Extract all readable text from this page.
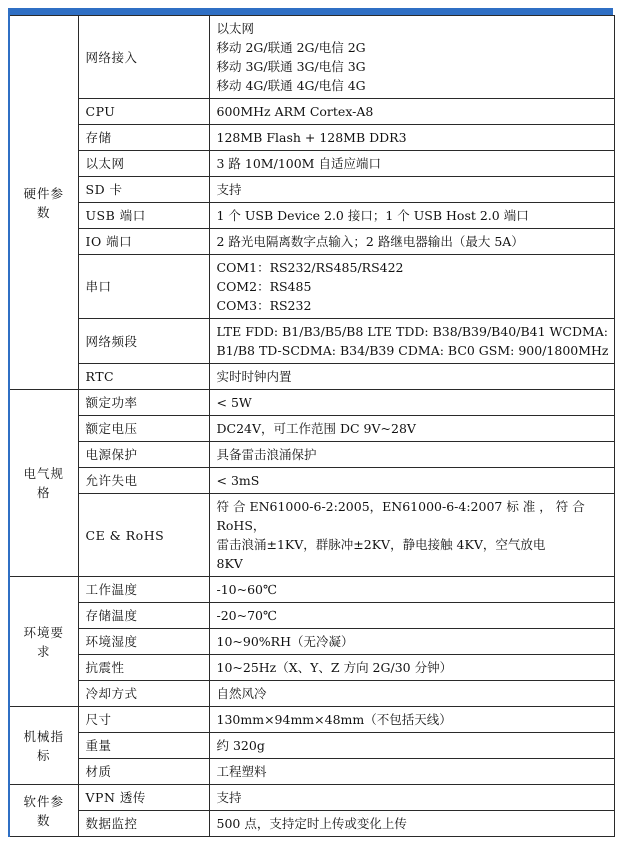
硬件参数	网络接入	以太网
移动 2G/联通 2G/电信 2G
移动 3G/联通 3G/电信 3G
移动 4G/联通 4G/电信 4G

	CPU	600MHz ARM Cortex-A8

	存储	128MB Flash + 128MB DDR3

	以太网	3 路 10M/100M 自适应端口

	SD 卡	支持

	USB 端口	1 个 USB Device 2.0 接口；1 个 USB Host 2.0 端口

	IO 端口	2 路光电隔离数字点输入；2 路继电器输出（最大 5A）

	串口	COM1：RS232/RS485/RS422
COM2：RS485
COM3：RS232

	网络频段	LTE FDD: B1/B3/B5/B8 LTE TDD: B38/B39/B40/B41 WCDMA:
B1/B8 TD-SCDMA: B34/B39 CDMA: BC0 GSM: 900/1800MHz

	RTC	实时时钟内置

电气规格	额定功率	< 5W

	额定电压	DC24V，可工作范围 DC 9V~28V

	电源保护	具备雷击浪涌保护

	允许失电	< 3mS

	CE & RoHS	符 合 EN61000-6-2:2005，EN61000-6-4:2007 标 准 ， 符 合
RoHS，
雷击浪涌±1KV，群脉冲±2KV，静电接触 4KV，空气放电
8KV

环境要求	工作温度	-10~60℃

	存储温度	-20~70℃

	环境湿度	10~90%RH（无冷凝）

	抗震性	10~25Hz（X、Y、Z 方向 2G/30 分钟）

	冷却方式	自然风冷

机械指标	尺寸	130mm×94mm×48mm（不包括天线）

	重量	约 320g

	材质	工程塑料

软件参数	VPN 透传	支持

	数据监控	500 点，支持定时上传或变化上传
